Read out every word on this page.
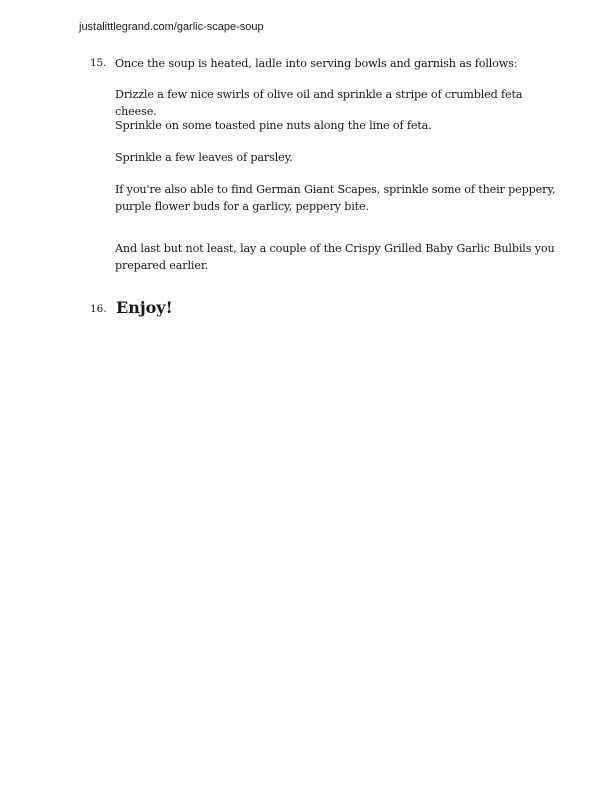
justalittlegrand.com/garlic-scape-soup
15. Once the soup is heated, ladle into serving bowls and garnish as follows:
Drizzle a few nice swirls of olive oil and sprinkle a stripe of crumbled feta cheese.
Sprinkle on some toasted pine nuts along the line of feta.
Sprinkle a few leaves of parsley.
If you're also able to find German Giant Scapes, sprinkle some of their peppery, purple flower buds for a garlicy, peppery bite.
And last but not least, lay a couple of the Crispy Grilled Baby Garlic Bulbils you prepared earlier.
16. Enjoy!
